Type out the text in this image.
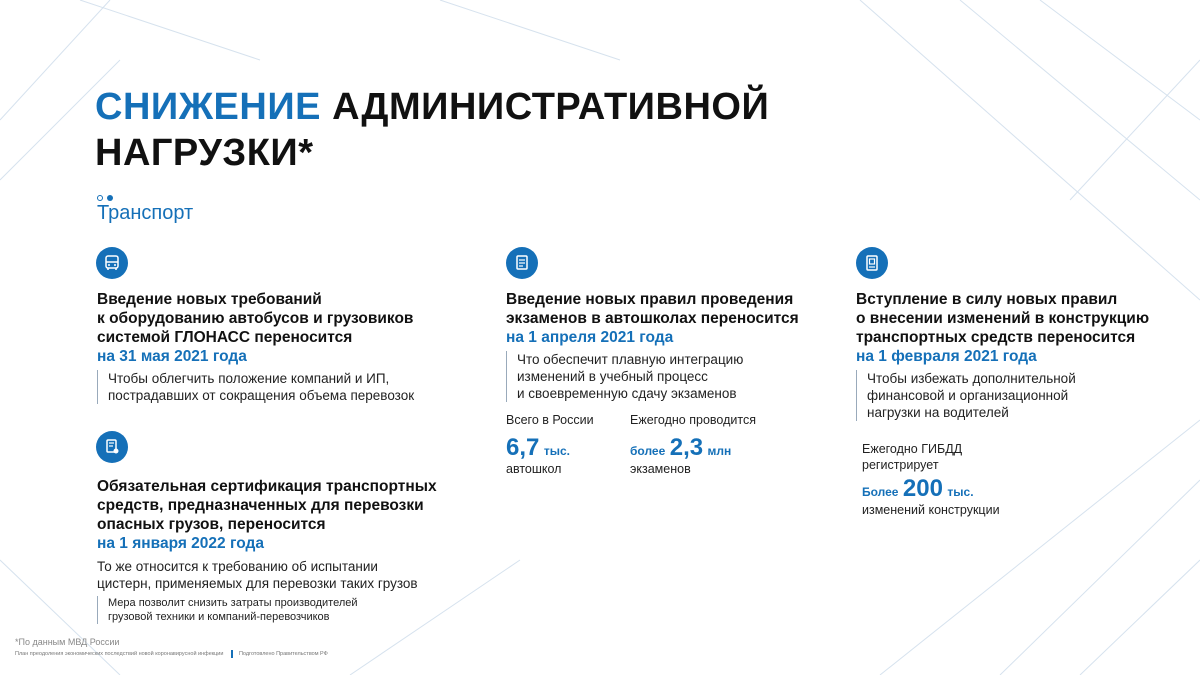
СНИЖЕНИЕ АДМИНИСТРАТИВНОЙ
НАГРУЗКИ*
Транспорт
Введение новых требований
к оборудованию автобусов и грузовиков
системой ГЛОНАСС переносится
на 31 мая 2021 года
Чтобы облегчить положение компаний и ИП,
пострадавших от сокращения объема перевозок
Обязательная сертификация транспортных
средств, предназначенных для перевозки
опасных грузов, переносится
на 1 января 2022 года
То же относится к требованию об испытании
цистерн, применяемых для перевозки таких грузов
Мера позволит снизить затраты производителей
грузовой техники и компаний-перевозчиков
Введение новых правил проведения
экзаменов в автошколах переносится
на 1 апреля 2021 года
Что обеспечит плавную интеграцию
изменений в учебный процесс
и своевременную сдачу экзаменов
Всего в России
6,7 тыс.
автошкол
Ежегодно проводится
более 2,3 млн
экзаменов
Вступление в силу новых правил
о внесении изменений в конструкцию
транспортных средств переносится
на 1 февраля 2021 года
Чтобы избежать дополнительной
финансовой и организационной
нагрузки на водителей
Ежегодно ГИБДД
регистрирует
Более 200 тыс.
изменений конструкции
*По данным МВД России
План преодоления экономических последствий новой коронавирусной инфекции	Подготовлено Правительством РФ
